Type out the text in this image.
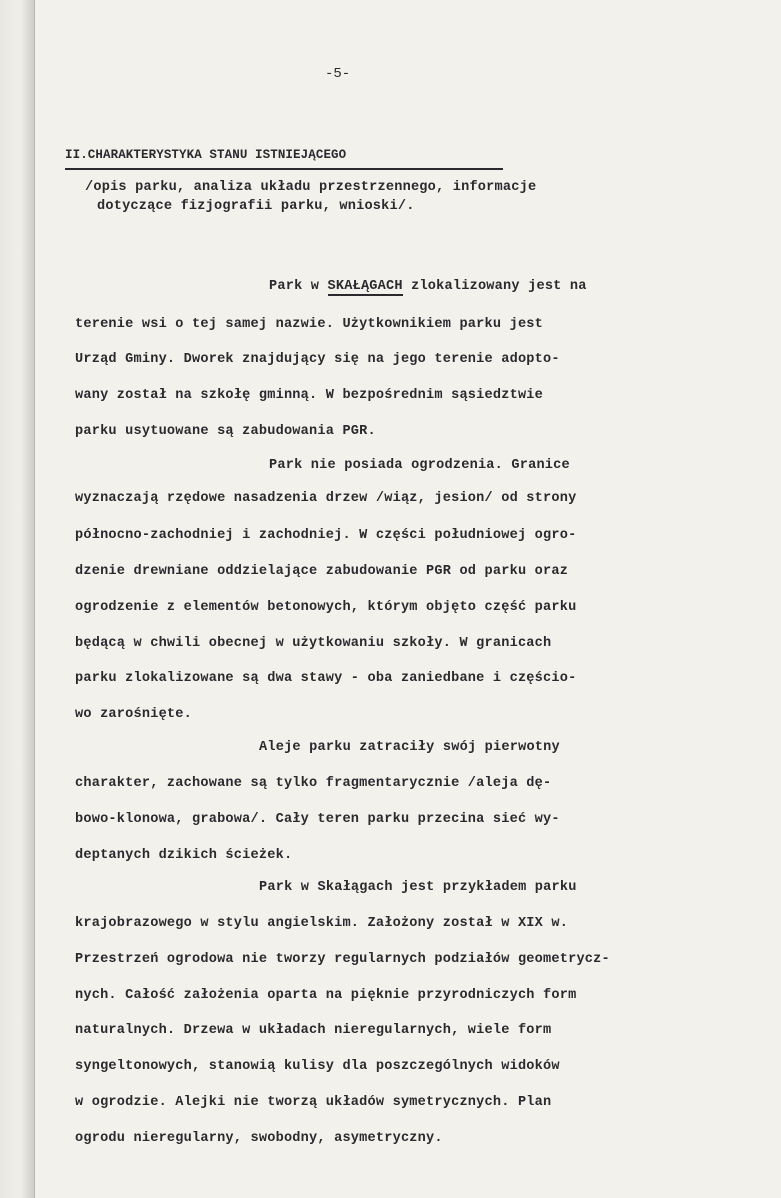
-5-
II.CHARAKTERYSTYKA STANU ISTNIEJĄCEGO
/opis parku, analiza układu przestrzennego, informacje
dotyczące fizjografii parku, wnioski/.
Park w SKAŁĄGACH zlokalizowany jest na
terenie wsi o tej samej nazwie. Użytkownikiem parku jest
Urząd Gminy. Dworek znajdujący się na jego terenie adopto-
wany został na szkołę gminną. W bezpośrednim sąsiedztwie
parku usytuowane są zabudowania PGR.
Park nie posiada ogrodzenia. Granice
wyznaczają rzędowe nasadzenia drzew /wiąz, jesion/ od strony
północno-zachodniej i zachodniej. W części południowej ogro-
dzenie drewniane oddzielające zabudowanie PGR od parku oraz
ogrodzenie z elementów betonowych, którym objęto część parku
będącą w chwili obecnej w użytkowaniu szkoły. W granicach
parku zlokalizowane są dwa stawy - oba zaniedbane i częścio-
wo zarośnięte.
Aleje parku zatraciły swój pierwotny
charakter, zachowane są tylko fragmentarycznie /aleja dę-
bowo-klonowa, grabowa/. Cały teren parku przecina sieć wy-
deptanych dzikich ścieżek.
Park w Skałągach jest przykładem parku
krajobrazowego w stylu angielskim. Założony został w XIX w.
Przestrzeń ogrodowa nie tworzy regularnych podziałów geometrycz-
nych. Całość założenia oparta na pięknie przyrodniczych form
naturalnych. Drzewa w układach nieregularnych, wiele form
syngeltonowych, stanowią kulisy dla poszczególnych widoków
w ogrodzie. Alejki nie tworzą układów symetrycznych. Plan
ogrodu nieregularny, swobodny, asymetryczny.
